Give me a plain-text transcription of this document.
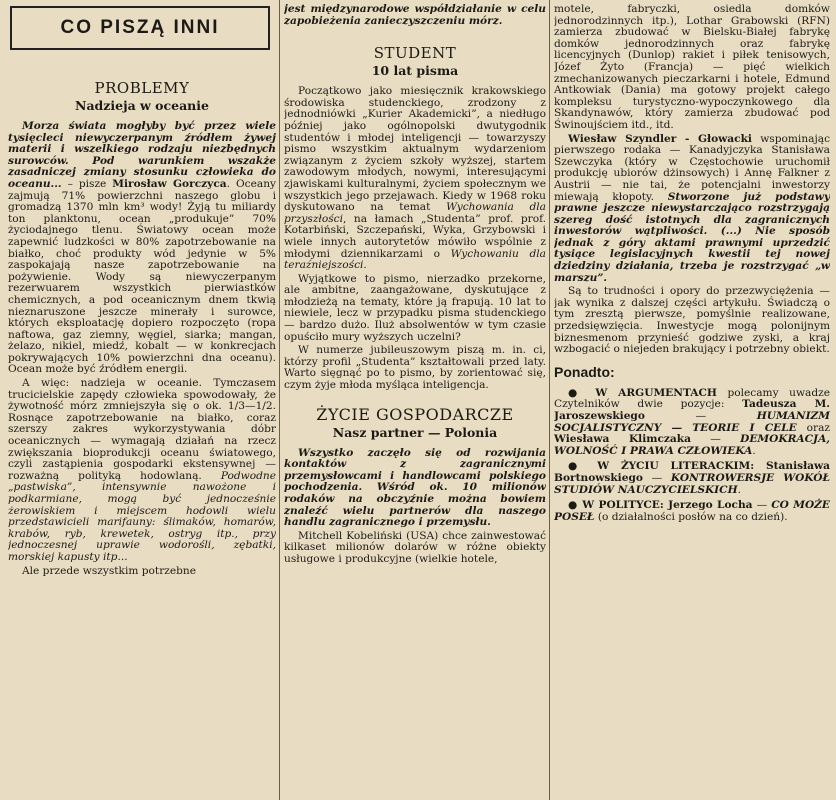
CO PISZĄ INNI
PROBLEMY
Nadzieja w oceanie

Morza świata mogłyby być przez wiele tysięcleci niewyczerpanym źródłem żywej materii i wszelkiego rodzaju niezbędnych surowców. Pod warunkiem wszakże zasadniczej zmiany stosunku człowieka do oceanu... – pisze Mirosław Gorczyca. Oceany zajmują 71% powierzchni naszego globu i gromadzą 1370 mln km³ wody! Żyją tu miliardy ton planktonu, ocean „produkuje” 70% życiodajnego tlenu. Światowy ocean może zapewnić ludzkości w 80% zapotrzebowanie na białko, choć produkty wód jedynie w 5% zaspokajają nasze zapotrzebowanie na pożywienie. Wody są niewyczerpanym rezerwuarem wszystkich pierwiastków chemicznych, a pod oceanicznym dnem tkwią nieznaruszone jeszcze minerały i surowce, których eksploatację dopiero rozpoczęto (ropa naftowa, gaz ziemny, węgiel, siarka; mangan, żelazo, nikiel, miedź, kobalt — w konkrecjach pokrywających 10% powierzchni dna oceanu). Ocean może być źródłem energii.

A więc: nadzieja w oceanie. Tymczasem trucicielskie zapędy człowieka spowodowały, że żywotność mórz zmniejszyła się o ok. 1/3—1/2. Rosnące zapotrzebowanie na białko, coraz szerszy zakres wykorzystywania dóbr oceanicznych — wymagają działań na rzecz zwiększania bioprodukcji oceanu światowego, czyli zastąpienia gospodarki ekstensywnej — rozważną polityką hodowlaną. Podwodne „pastwiska”, intensywnie nawożone i podkarmiane, mogą być jednocześnie żerowiskiem i miejscem hodowli wielu przedstawicieli marifauny: ślimaków, homarów, krabów, ryb, krewetek, ostryg itp., przy jednoczesnej uprawie wodorośli, zębatki, morskiej kapusty itp...

Ale przede wszystkim potrzebne

jest międzynarodowe współdziałanie w celu zapobieżenia zanieczyszczeniu mórz.

STUDENT
10 lat pisma

Początkowo jako miesięcznik krakowskiego środowiska studenckiego, zrodzony z jednodniówki „Kurier Akademicki”, a niedługo później jako ogólnopolski dwutygodnik studentów i młodej inteligencji — towarzyszy pismo wszystkim aktualnym wydarzeniom związanym z życiem szkoły wyższej, startem zawodowym młodych, nowymi, interesującymi zjawiskami kulturalnymi, życiem społecznym we wszystkich jego przejawach. Kiedy w 1968 roku dyskutowano na temat Wychowania dla przyszłości, na łamach „Studenta” prof. prof. Kotarbiński, Szczepański, Wyka, Grzybowski i wiele innych autorytetów mówiło wspólnie z młodymi dziennikarzami o Wychowaniu dla teraźniejszości.

Wyjątkowe to pismo, nierzadko przekorne, ale ambitne, zaangażowane, dyskutujące z młodzieżą na tematy, które ją frapują. 10 lat to niewiele, lecz w przypadku pisma studenckiego — bardzo dużo. Iluż absolwentów w tym czasie opuściło mury wyższych uczelni?

W numerze jubileuszowym piszą m. in. ci, którzy profil „Studenta” kształtowali przed laty. Warto sięgnąć po to pismo, by zorientować się, czym żyje młoda myśląca inteligencja.

ŻYCIE GOSPODARCZE
Nasz partner — Polonia

Wszystko zaczęło się od rozwijania kontaktów z zagranicznymi przemysłowcami i handlowcami polskiego pochodzenia. Wśród ok. 10 milionów rodaków na obczyźnie można bowiem znaleźć wielu partnerów dla naszego handlu zagranicznego i przemysłu.

Mitchell Kobeliński (USA) chce zainwestować kilkaset milionów dolarów w różne obiekty usługowe i produkcyjne (wielkie hotele,

motele, fabryczki, osiedla domków jednorodzinnych itp.), Lothar Grabowski (RFN) zamierza zbudować w Bielsku-Białej fabrykę domków jednorodzinnych oraz fabrykę licencyjnych (Dunlop) rakiet i piłek tenisowych, Józef Żyto (Francja) — pięć wielkich zmechanizowanych pieczarkarni i hotele, Edmund Antkowiak (Dania) ma gotowy projekt całego kompleksu turystyczno-wypoczynkowego dla Skandynawów, który zamierza zbudować pod Świnoujściem itd., itd.

Wiesław Szyndler - Głowacki wspominając pierwszego rodaka — Kanadyjczyka Stanisława Szewczyka (który w Częstochowie uruchomił produkcję ubiorów dżinsowych) i Annę Falkner z Austrii — nie tai, że potencjalni inwestorzy miewają kłopoty. Stworzone już podstawy prawne jeszcze niewystarczająco rozstrzygają szereg dość istotnych dla zagranicznych inwestorów wątpliwości. (...) Nie sposób jednak z góry aktami prawnymi uprzedzić tysiące legislacyjnych kwestii tej nowej dziedziny działania, trzeba je rozstrzygać „w marszu”.

Są to trudności i opory do przezwyciężenia — jak wynika z dalszej części artykułu. Świadczą o tym zresztą pierwsze, pomyślnie realizowane, przedsięwzięcia. Inwestycje mogą polonijnym biznesmenom przynieść godziwe zyski, a kraj wzbogacić o niejeden brakujący i potrzebny obiekt.

Ponadto:

● W ARGUMENTACH polecamy uwadze Czytelników dwie pozycje: Tadeusza M. Jaroszewskiego — HUMANIZM SOCJALISTYCZNY — TEORIE I CELE oraz Wiesława Klimczaka — DEMOKRACJA, WOLNOŚĆ I PRAWA CZŁOWIEKA.

● W ŻYCIU LITERACKIM: Stanisława Bortnowskiego — KONTROWERSJE WOKÓŁ STUDIÓW NAUCZYCIELSKICH.

● W POLITYCE: Jerzego Locha — CO MOŻE POSEŁ (o działalności posłów na co dzień).
